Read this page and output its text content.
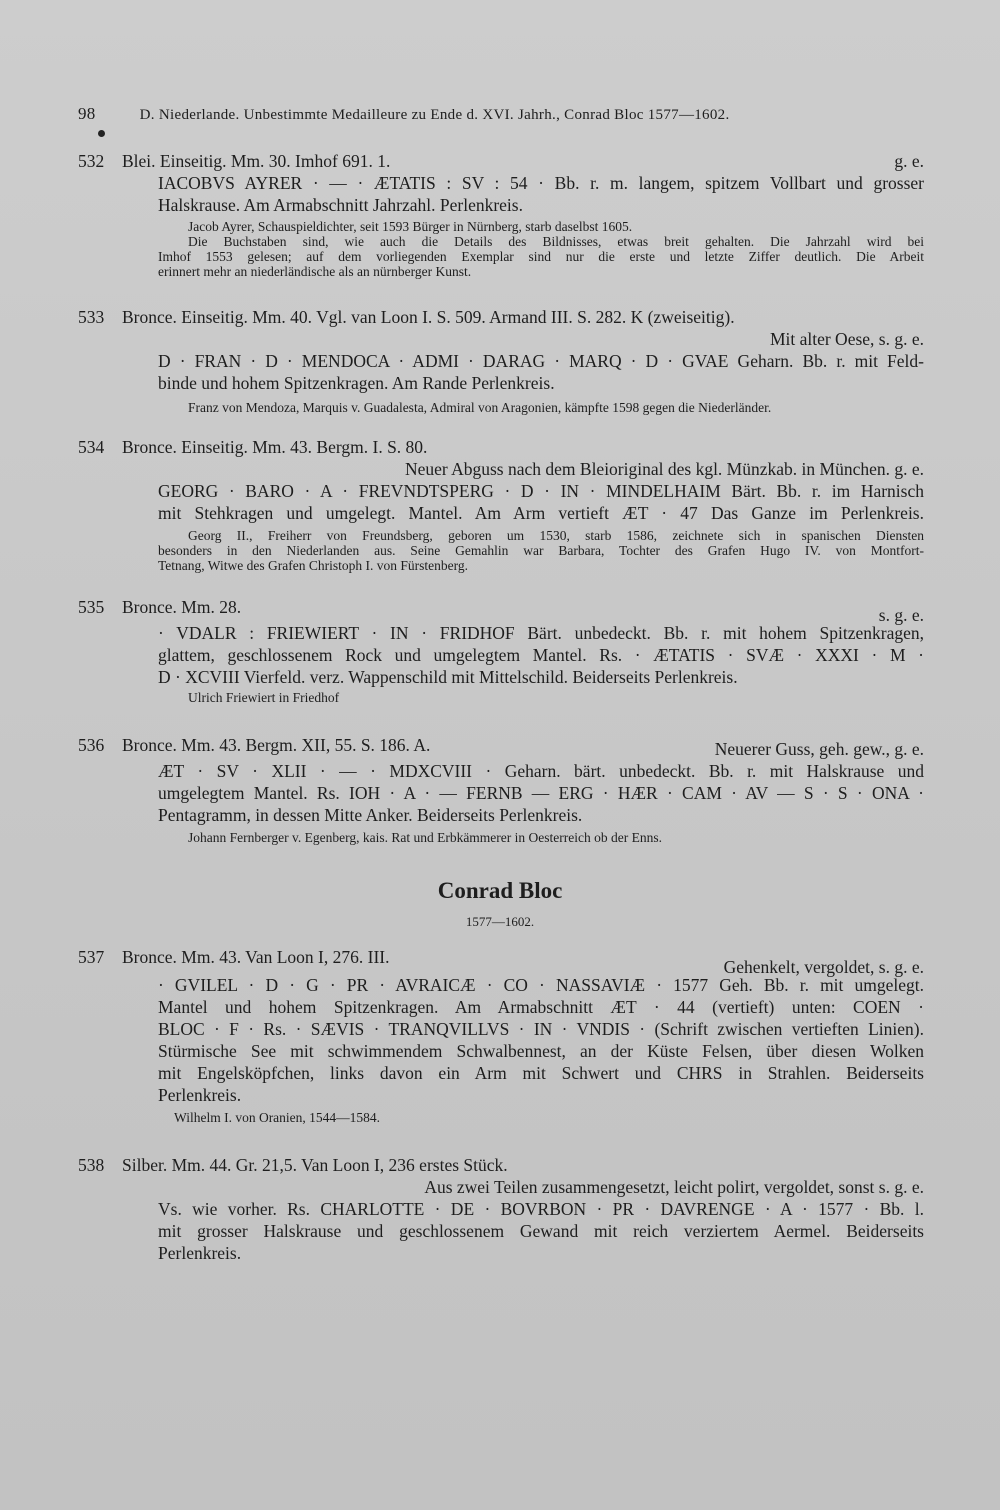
98	D. Niederlande. Unbestimmte Medailleure zu Ende d. XVI. Jahrh., Conrad Bloc 1577—1602.
532 Blei. Einseitig. Mm. 30. Imhof 691. 1.	g. e.
IACOBVS AYRER · — · ÆTATIS : SV : 54 · Bb. r. m. langem, spitzem Vollbart und grosser
Halskrause. Am Armabschnitt Jahrzahl. Perlenkreis.
Jacob Ayrer, Schauspieldichter, seit 1593 Bürger in Nürnberg, starb daselbst 1605.
Die Buchstaben sind, wie auch die Details des Bildnisses, etwas breit gehalten. Die Jahrzahl wird bei
Imhof 1553 gelesen; auf dem vorliegenden Exemplar sind nur die erste und letzte Ziffer deutlich. Die Arbeit
erinnert mehr an niederländische als an nürnberger Kunst.
533 Bronce. Einseitig. Mm. 40. Vgl. van Loon I. S. 509. Armand III. S. 282. K (zweiseitig).
Mit alter Oese, s. g. e.
D · FRAN · D · MENDOCA · ADMI · DARAG · MARQ · D · GVAE Geharn. Bb. r. mit Feld-
binde und hohem Spitzenkragen. Am Rande Perlenkreis.
Franz von Mendoza, Marquis v. Guadalesta, Admiral von Aragonien, kämpfte 1598 gegen die Niederländer.
534 Bronce. Einseitig. Mm. 43. Bergm. I. S. 80.
Neuer Abguss nach dem Bleioriginal des kgl. Münzkab. in München. g. e.
GEORG · BARO · A · FREVNDTSPERG · D · IN · MINDELHAIM Bärt. Bb. r. im Harnisch
mit Stehkragen und umgelegt. Mantel. Am Arm vertieft ÆT · 47 Das Ganze im Perlenkreis.
Georg II., Freiherr von Freundsberg, geboren um 1530, starb 1586, zeichnete sich in spanischen Diensten
besonders in den Niederlanden aus. Seine Gemahlin war Barbara, Tochter des Grafen Hugo IV. von Montfort-
Tetnang, Witwe des Grafen Christoph I. von Fürstenberg.
535 Bronce. Mm. 28.	s. g. e.
· VDALR : FRIEWIERT · IN · FRIDHOF Bärt. unbedeckt. Bb. r. mit hohem Spitzenkragen,
glattem, geschlossenem Rock und umgelegtem Mantel. Rs. · ÆTATIS · SVÆ · XXXI · M ·
D · XCVIII Vierfeld. verz. Wappenschild mit Mittelschild. Beiderseits Perlenkreis.
Ulrich Friewiert in Friedhof
536 Bronce. Mm. 43. Bergm. XII, 55. S. 186. A.	Neuerer Guss, geh. gew., g. e.
ÆT · SV · XLII · — · MDXCVIII · Geharn. bärt. unbedeckt. Bb. r. mit Halskrause und
umgelegtem Mantel. Rs. IOH · A · — FERNB — ERG · HÆR · CAM · AV — S · S · ONA ·
Pentagramm, in dessen Mitte Anker. Beiderseits Perlenkreis.
Johann Fernberger v. Egenberg, kais. Rat und Erbkämmerer in Oesterreich ob der Enns.
Conrad Bloc
1577—1602.
537 Bronce. Mm. 43. Van Loon I, 276. III.	Gehenkelt, vergoldet, s. g. e.
· GVILEL · D · G · PR · AVRAICÆ · CO · NASSAVIÆ · 1577 Geh. Bb. r. mit umgelegt.
Mantel und hohem Spitzenkragen. Am Armabschnitt ÆT · 44 (vertieft) unten: COEN ·
BLOC · F · Rs. · SÆVIS · TRANQVILLVS · IN · VNDIS · (Schrift zwischen vertieften Linien).
Stürmische See mit schwimmendem Schwalbennest, an der Küste Felsen, über diesen Wolken
mit Engelsköpfchen, links davon ein Arm mit Schwert und CHRS in Strahlen. Beiderseits
Perlenkreis.
Wilhelm I. von Oranien, 1544—1584.
538 Silber. Mm. 44. Gr. 21,5. Van Loon I, 236 erstes Stück.
Aus zwei Teilen zusammengesetzt, leicht polirt, vergoldet, sonst s. g. e.
Vs. wie vorher. Rs. CHARLOTTE · DE · BOVRBON · PR · DAVRENGE · A · 1577 · Bb. l.
mit grosser Halskrause und geschlossenem Gewand mit reich verziertem Aermel. Beiderseits
Perlenkreis.
